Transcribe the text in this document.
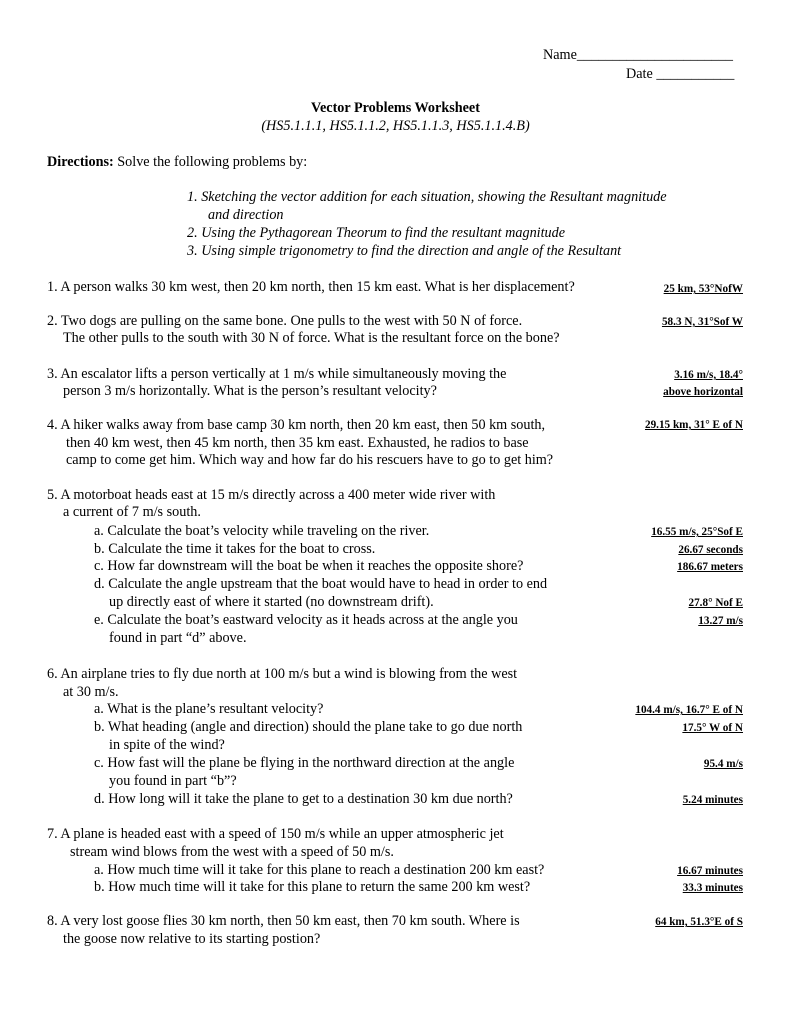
Name______________________
Date ___________
Vector Problems Worksheet
(HS5.1.1.1, HS5.1.1.2, HS5.1.1.3, HS5.1.1.4.B)
Directions: Solve the following problems by:
1. Sketching the vector addition for each situation, showing the Resultant magnitude
and direction
2. Using the Pythagorean Theorum to find the resultant magnitude
3. Using simple trigonometry to find the direction and angle of the Resultant
1. A person walks 30 km west, then 20 km north, then 15 km east. What is her displacement?	25 km, 53°NofW
2. Two dogs are pulling on the same bone. One pulls to the west with 50 N of force.
The other pulls to the south with 30 N of force. What is the resultant force on the bone?
58.3 N, 31°Sof W
3. An escalator lifts a person vertically at 1 m/s while simultaneously moving the
person 3 m/s horizontally. What is the person’s resultant velocity?
3.16 m/s, 18.4°
above horizontal
4. A hiker walks away from base camp 30 km north, then 20 km east, then 50 km south,
then 40 km west, then 45 km north, then 35 km east. Exhausted, he radios to base
camp to come get him. Which way and how far do his rescuers have to go to get him?
29.15 km, 31° E of N
5. A motorboat heads east at 15 m/s directly across a 400 meter wide river with
a current of 7 m/s south.
a. Calculate the boat’s velocity while traveling on the river.
b. Calculate the time it takes for the boat to cross.
c. How far downstream will the boat be when it reaches the opposite shore?
d. Calculate the angle upstream that the boat would have to head in order to end
up directly east of where it started (no downstream drift).
e. Calculate the boat’s eastward velocity as it heads across at the angle you
found in part “d” above.
16.55 m/s, 25°Sof E
26.67 seconds
186.67 meters
27.8° Nof E
13.27 m/s
6. An airplane tries to fly due north at 100 m/s but a wind is blowing from the west
at 30 m/s.
a. What is the plane’s resultant velocity?
b. What heading (angle and direction) should the plane take to go due north
in spite of the wind?
c. How fast will the plane be flying in the northward direction at the angle
you found in part “b”?
d. How long will it take the plane to get to a destination 30 km due north?
104.4 m/s, 16.7° E of N
17.5° W of N
95.4 m/s
5.24 minutes
7. A plane is headed east with a speed of 150 m/s while an upper atmospheric jet
stream wind blows from the west with a speed of 50 m/s.
a. How much time will it take for this plane to reach a destination 200 km east?
b. How much time will it take for this plane to return the same 200 km west?
16.67 minutes
33.3 minutes
8. A very lost goose flies 30 km north, then 50 km east, then 70 km south. Where is
the goose now relative to its starting postion?
64 km, 51.3°E of S
